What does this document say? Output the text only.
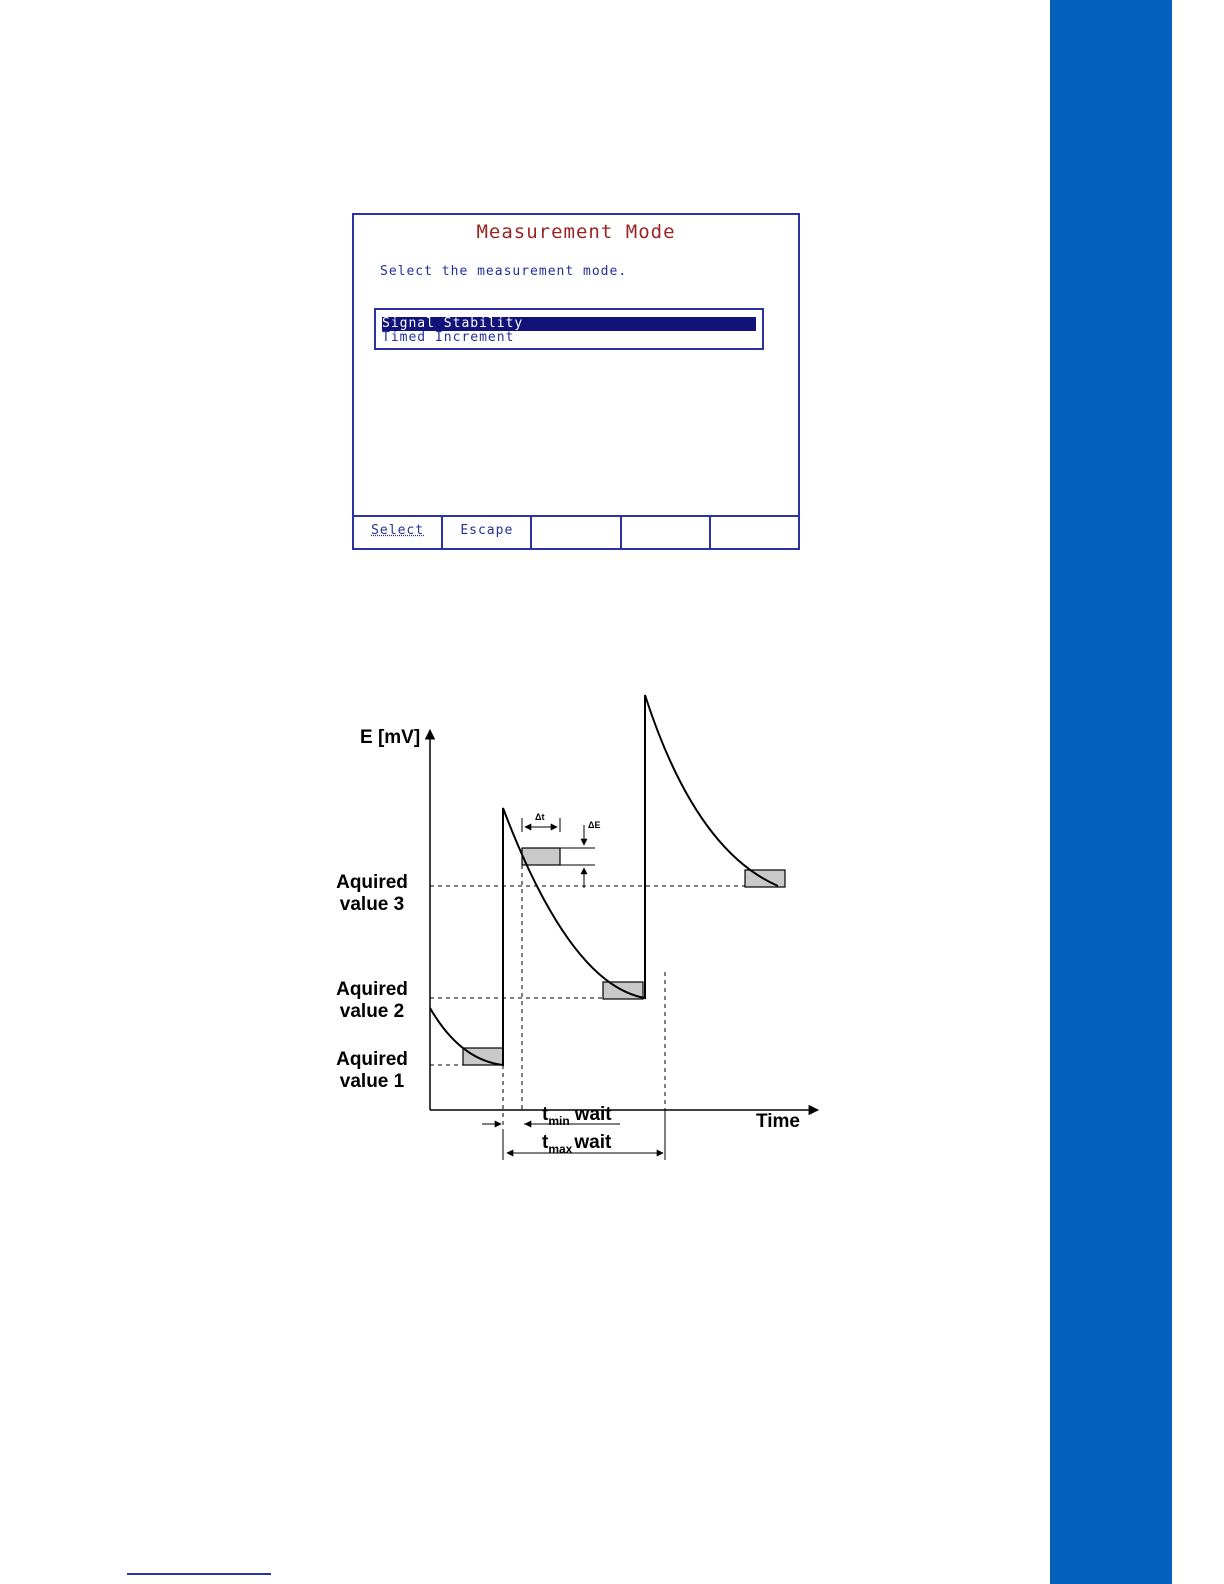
Measurement Mode
Select the measurement mode.
Signal Stability
Timed Increment
Select	Escape
E [mV]
Time
Δt
ΔE
Aquired
value 3
Aquired
value 2
Aquired
value 1
$t_{min}$ wait
$t_{max}$ wait
